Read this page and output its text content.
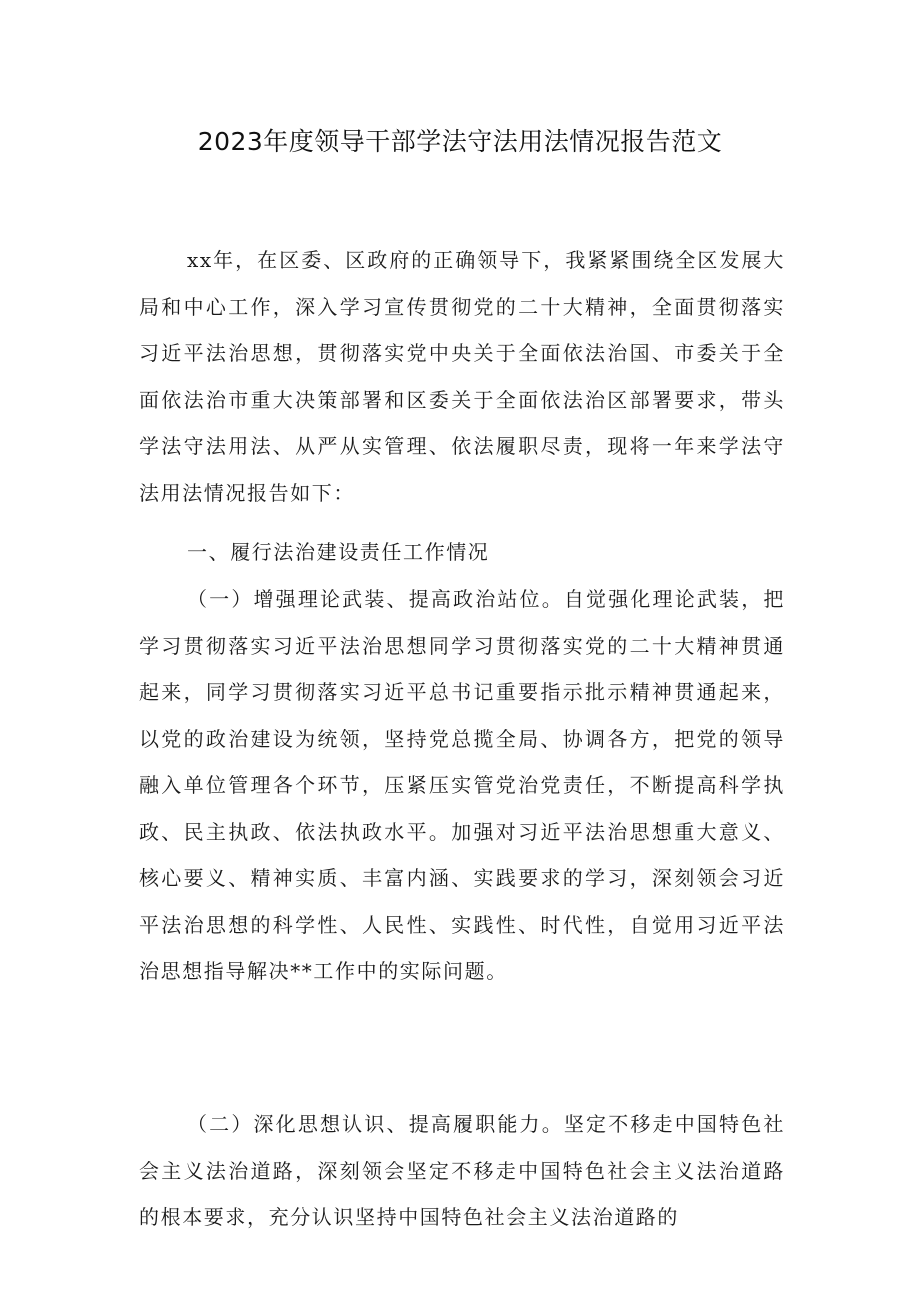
2023年度领导干部学法守法用法情况报告范文

xx年，在区委、区政府的正确领导下，我紧紧围绕全区发展大局和中心工作，深入学习宣传贯彻党的二十大精神，全面贯彻落实习近平法治思想，贯彻落实党中央关于全面依法治国、市委关于全面依法治市重大决策部署和区委关于全面依法治区部署要求，带头学法守法用法、从严从实管理、依法履职尽责，现将一年来学法守法用法情况报告如下：

一、履行法治建设责任工作情况

（一）增强理论武装、提高政治站位。自觉强化理论武装，把学习贯彻落实习近平法治思想同学习贯彻落实党的二十大精神贯通起来，同学习贯彻落实习近平总书记重要指示批示精神贯通起来，以党的政治建设为统领，坚持党总揽全局、协调各方，把党的领导融入单位管理各个环节，压紧压实管党治党责任，不断提高科学执政、民主执政、依法执政水平。加强对习近平法治思想重大意义、核心要义、精神实质、丰富内涵、实践要求的学习，深刻领会习近平法治思想的科学性、人民性、实践性、时代性，自觉用习近平法治思想指导解决**工作中的实际问题。

（二）深化思想认识、提高履职能力。坚定不移走中国特色社会主义法治道路，深刻领会坚定不移走中国特色社会主义法治道路的根本要求，充分认识坚持中国特色社会主义法治道路的
